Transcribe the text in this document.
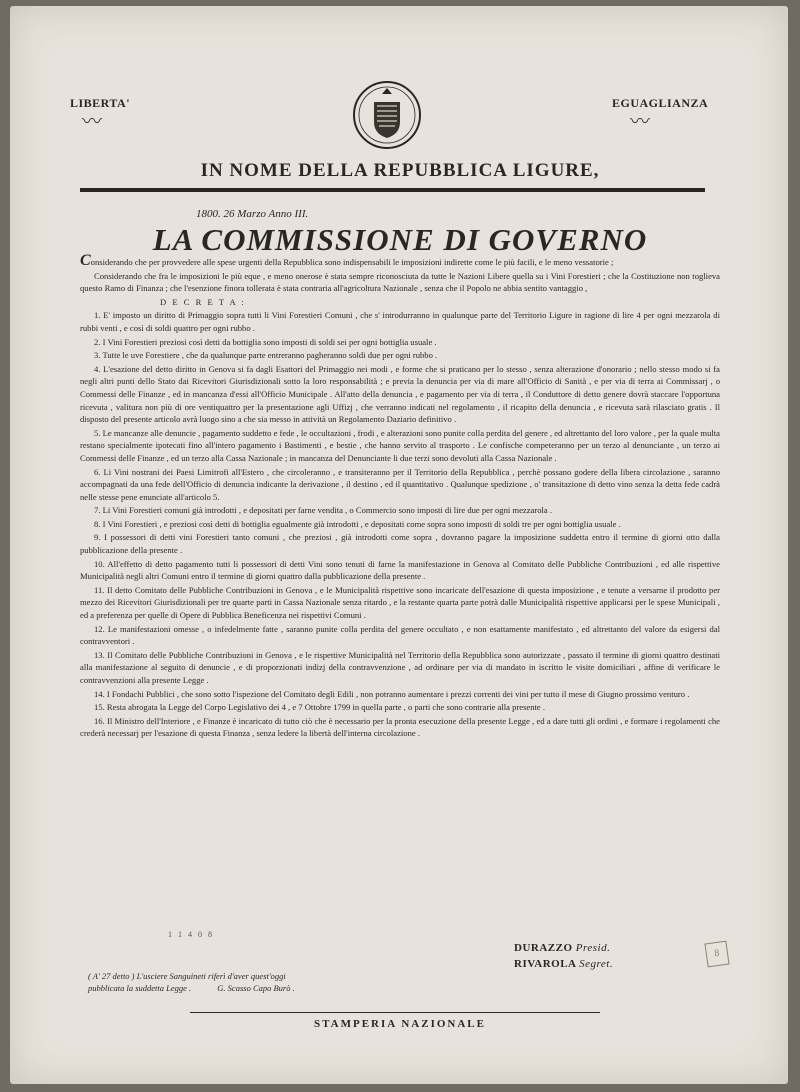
LIBERTA'
〰
EGUAGLIANZA
〰
IN NOME DELLA REPUBBLICA LIGURE,
1800. 26 Marzo Anno III.
LA COMMISSIONE DI GOVERNO

Considerando che per provvedere alle spese urgenti della Repubblica sono indispensabili le imposizioni indirette come le più facili, e le meno vessatorie ;

Considerando che fra le imposizioni le più eque , e meno onerose è stata sempre riconosciuta da tutte le Nazioni Libere quella su i Vini Forestieri ; che la Costituzione non toglieva questo Ramo di Finanza ; che l'esenzione finora tollerata è stata contraria all'agricoltura Nazionale , senza che il Popolo ne abbia sentito vantaggio ,

D E C R E T A :

1. E' imposto un diritto di Primaggio sopra tutti li Vini Forestieri Comuni , che s' introdurranno in qualunque parte del Territorio Ligure in ragione di lire 4 per ogni mezzarola di rubbi venti , e così di soldi quattro per ogni rubbo .

2. I Vini Forestieri preziosi così detti da bottiglia sono imposti di soldi sei per ogni bottiglia usuale .

3. Tutte le uve Forestiere , che da qualunque parte entreranno pagheranno soldi due per ogni rubbo .

4. L'esazione del detto diritto in Genova si fa dagli Esattori del Primaggio nei modi , e forme che si praticano per lo stesso , senza alterazione d'onorario ; nello stesso modo si fa negli altri punti dello Stato dai Ricevitori Giurisdizionali sotto la loro responsabilità ; e previa la denuncia per via di mare all'Officio di Sanità , e per via di terra ai Commissarj , o Commessi delle Finanze , ed in mancanza d'essi all'Officio Municipale . All'atto della denuncia , e pagamento per via di terra , il Conduttore di detto genere dovrà staccare l'opportuna ricevuta , valitura non più di ore ventiquattro per la presentazione agli Uffizj , che verranno indicati nel regolamento , il ricapito della denuncia , e ricevuta sarà rilasciato gratis . Il disposto del presente articolo avrà luogo sino a che sia messo in attività un Regolamento Daziario definitivo .

5. Le mancanze alle denuncie , pagamento suddetto e fede , le occultazioni , frodi , e alterazioni sono punite colla perdita del genere , ed altrettanto del loro valore , per la quale multa restano specialmente ipotecati fino all'intero pagamento i Bastimenti , e bestie , che hanno servito al trasporto . Le confische competeranno per un terzo al denunciante , un terzo ai Commessi delle Finanze , ed un terzo alla Cassa Nazionale ; in mancanza del Denunciante li due terzi sono devoluti alla Cassa Nazionale .

6. Li Vini nostrani dei Paesi Limitrofi all'Estero , che circoleranno , e transiteranno per il Territorio della Repubblica , perchè possano godere della libera circolazione , saranno accompagnati da una fede dell'Officio di denuncia indicante la derivazione , il destino , ed il quantitativo . Qualunque spedizione , o' transitazione di detto vino senza la detta fede cadrà nelle stesse pene enunciate all'articolo 5.

7. Li Vini Forestieri comuni già introdotti , e depositati per farne vendita , o Commercio sono imposti di lire due per ogni mezzarola .

8. I Vini Forestieri , e preziosi così detti di bottiglia egualmente già introdotti , e depositati come sopra sono imposti di soldi tre per ogni bottiglia usuale .

9. I possessori di detti vini Forestieri tanto comuni , che preziosi , già introdotti come sopra , dovranno pagare la imposizione suddetta entro il termine di giorni otto dalla pubblicazione della presente .

10. All'effetto di detto pagamento tutti li possessori di detti Vini sono tenuti di farne la manifestazione in Genova al Comitato delle Pubbliche Contribuzioni , ed alle rispettive Municipalità negli altri Comuni entro il termine di giorni quattro dalla pubblicazione della presente .

11. Il detto Comitato delle Pubbliche Contribuzioni in Genova , e le Municipalità rispettive sono incaricate dell'esazione di questa imposizione , e tenute a versarne il prodotto per mezzo dei Ricevitori Giurisdizionali per tre quarte parti in Cassa Nazionale senza ritardo , e la restante quarta parte potrà dalle Municipalità rispettive applicarsi per le spese Municipali , ed a preferenza per quelle di Opere di Pubblica Beneficenza nei rispettivi Comuni .

12. Le manifestazioni omesse , o infedelmente fatte , saranno punite colla perdita del genere occultato , e non esattamente manifestato , ed altrettanto del valore da esigersi dal contravventori .

13. Il Comitato delle Pubbliche Contribuzioni in Genova , e le rispettive Municipalità nel Territorio della Repubblica sono autorizzate , passato il termine di giorni quattro destinati alla manifestazione al seguito di denuncie , e di proporzionati indizj della contravvenzione , ad ordinare per via di mandato in iscritto le visite domiciliari , affine di verificare le contravvenzioni alla presente Legge .

14. I Fondachi Pubblici , che sono sotto l'ispezione del Comitato degli Edili , non potranno aumentare i prezzi correnti dei vini per tutto il mese di Giugno prossimo venturo .

15. Resta abrogata la Legge del Corpo Legislativo dei 4 , e 7 Ottobre 1799 in quella parte , o parti che sono contrarie alla presente .

16. Il Ministro dell'Interiore , e Finanze è incaricato di tutto ciò che è necessario per la pronta esecuzione della presente Legge , ed a dare tutti gli ordini , e formare i regolamenti che crederà necessarj per l'esazione di questa Finanza , senza ledere la libertà dell'interna circolazione .

1 1 4 0 8
DURAZZO Presid.
RIVAROLA Segret.
8
( A' 27 detto ) L'usciere Sanguineti riferì d'aver quest'oggi
pubblicata la suddetta Legge .	G. Scasso Capo Burò .
STAMPERIA NAZIONALE
